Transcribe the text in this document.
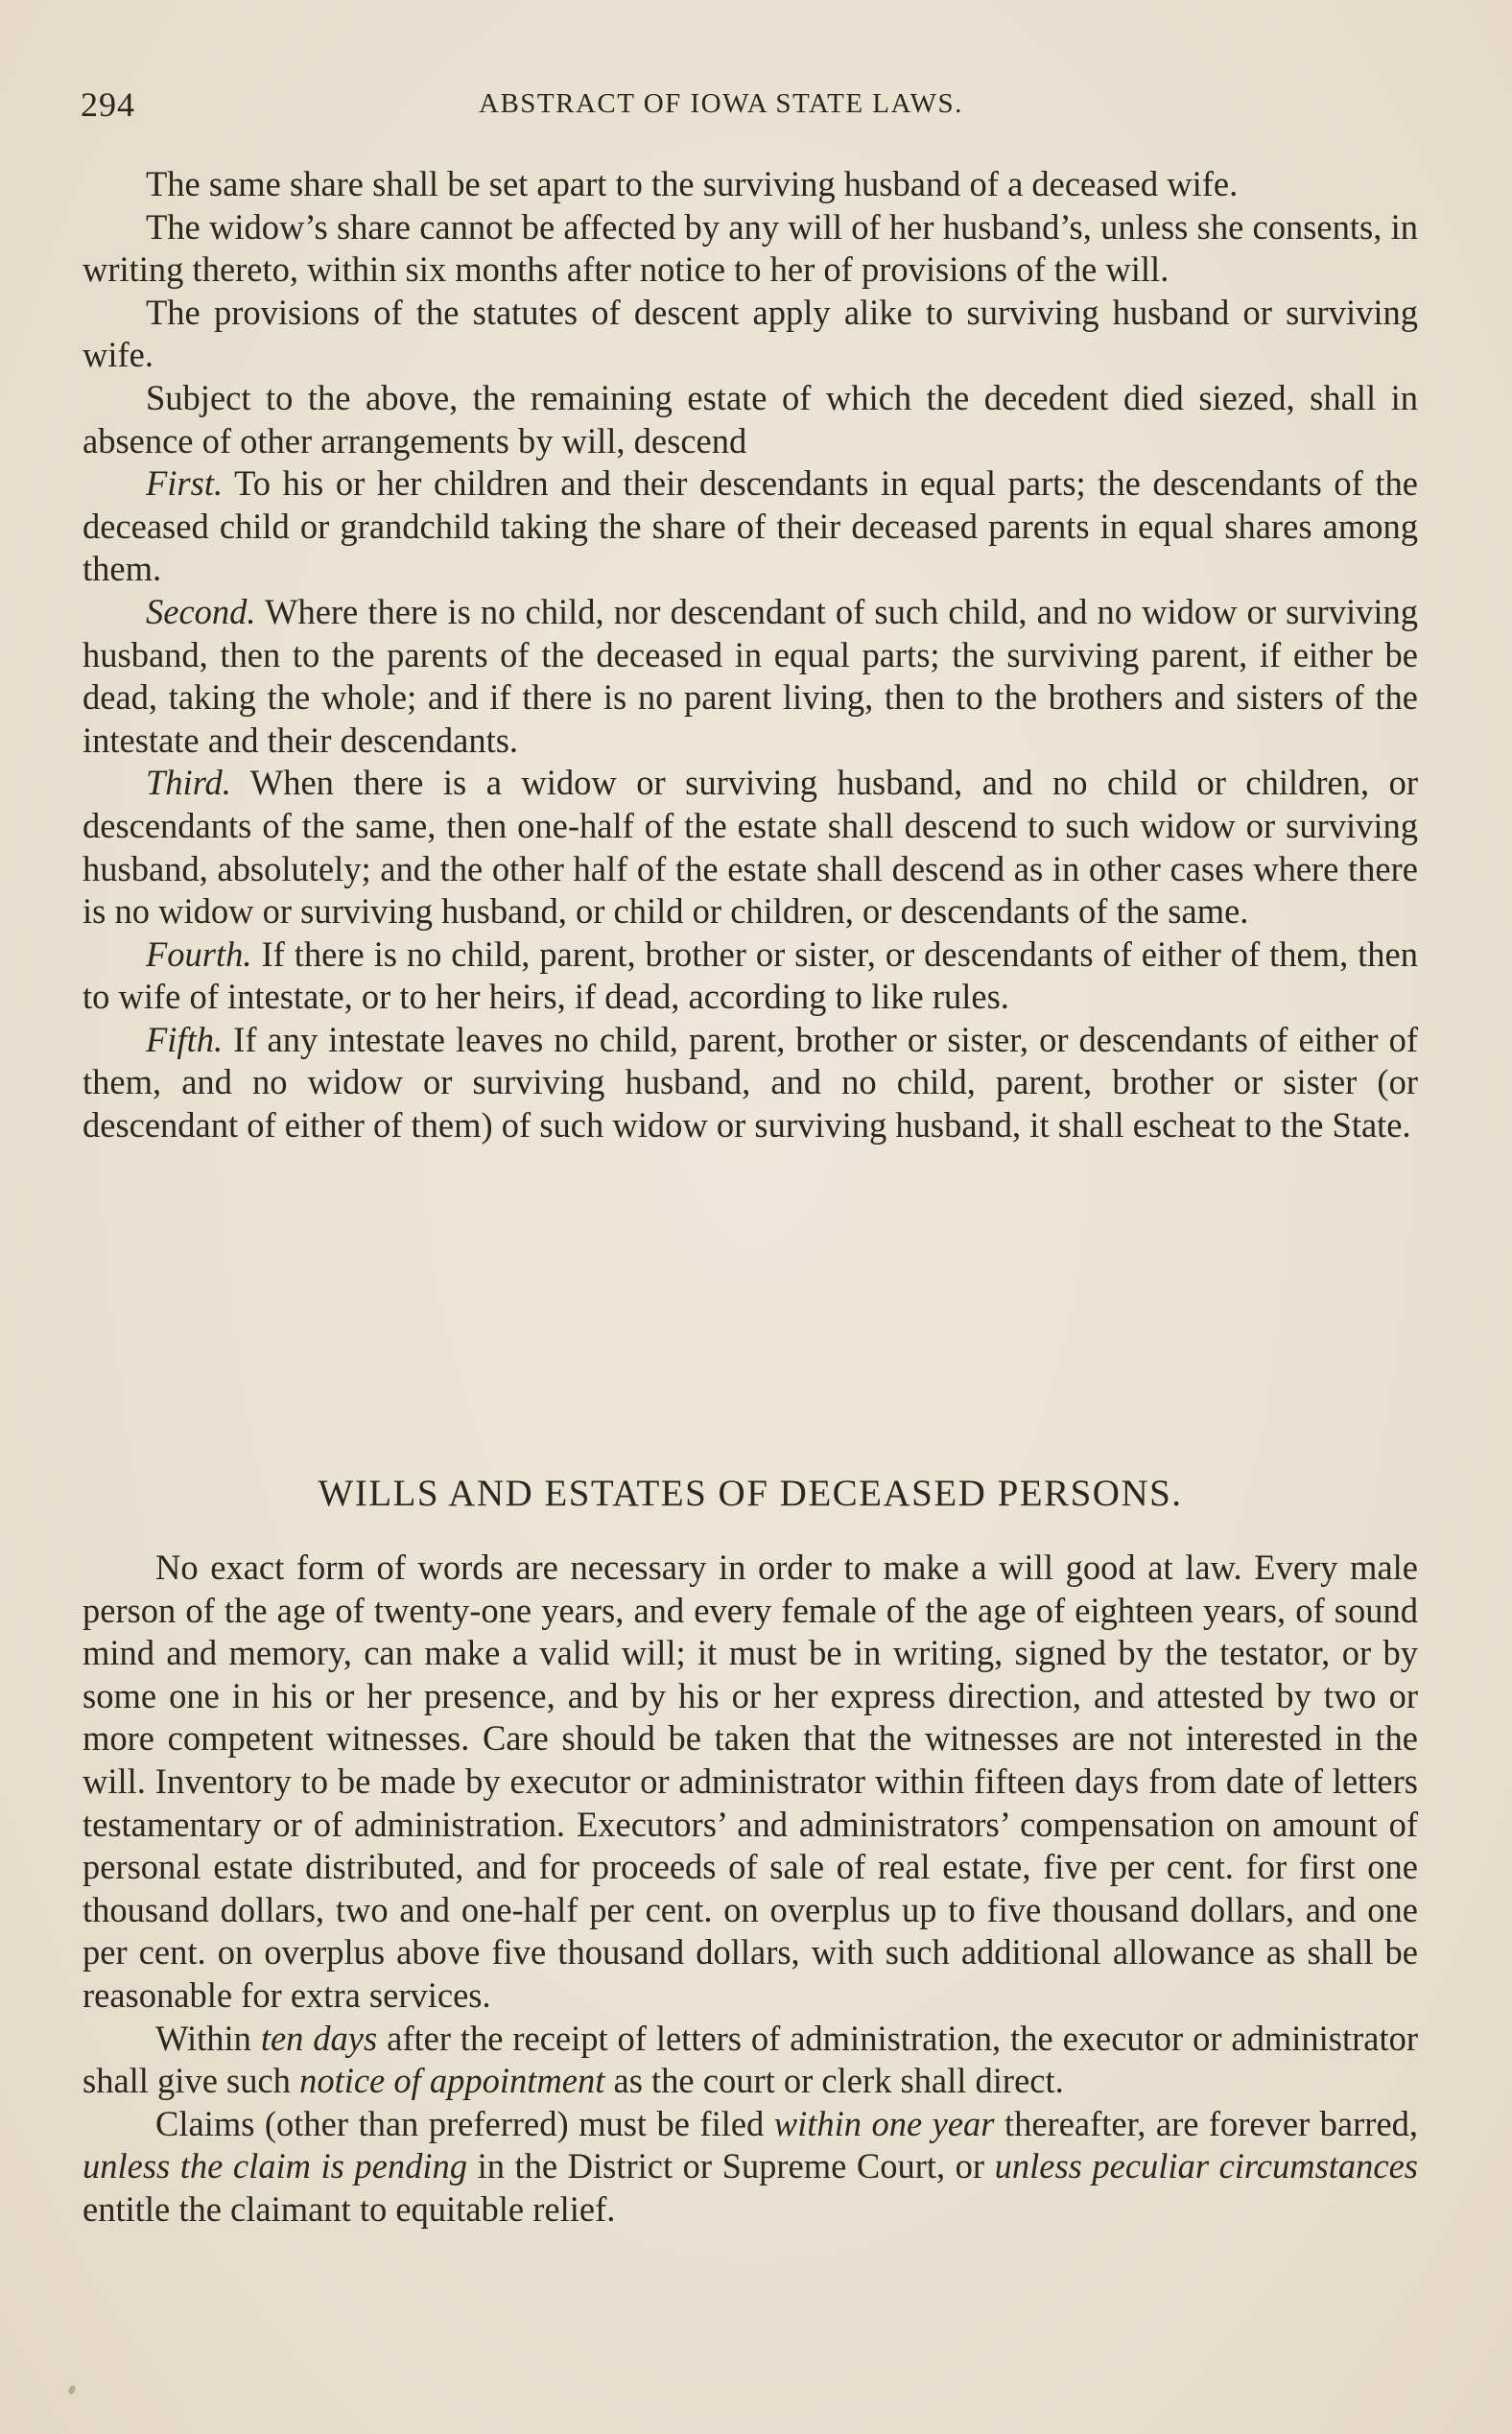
294	ABSTRACT OF IOWA STATE LAWS.

The same share shall be set apart to the surviving husband of a deceased wife.

The widow’s share cannot be affected by any will of her husband’s, unless she consents, in writing thereto, within six months after notice to her of provisions of the will.

The provisions of the statutes of descent apply alike to surviving husband or surviving wife.

Subject to the above, the remaining estate of which the decedent died siezed, shall in absence of other arrangements by will, descend

First. To his or her children and their descendants in equal parts; the descendants of the deceased child or grandchild taking the share of their deceased parents in equal shares among them.

Second. Where there is no child, nor descendant of such child, and no widow or surviving husband, then to the parents of the deceased in equal parts; the surviving parent, if either be dead, taking the whole; and if there is no parent living, then to the brothers and sisters of the intestate and their descendants.

Third. When there is a widow or surviving husband, and no child or children, or descendants of the same, then one-half of the estate shall descend to such widow or surviving husband, absolutely; and the other half of the estate shall descend as in other cases where there is no widow or surviving husband, or child or children, or descendants of the same.

Fourth. If there is no child, parent, brother or sister, or descendants of either of them, then to wife of intestate, or to her heirs, if dead, according to like rules.

Fifth. If any intestate leaves no child, parent, brother or sister, or descendants of either of them, and no widow or surviving husband, and no child, parent, brother or sister (or descendant of either of them) of such widow or surviving husband, it shall escheat to the State.

WILLS AND ESTATES OF DECEASED PERSONS.

No exact form of words are necessary in order to make a will good at law. Every male person of the age of twenty-one years, and every female of the age of eighteen years, of sound mind and memory, can make a valid will; it must be in writing, signed by the testator, or by some one in his or her presence, and by his or her express direction, and attested by two or more competent witnesses. Care should be taken that the witnesses are not interested in the will. Inventory to be made by executor or administrator within fifteen days from date of letters testamentary or of administration. Executors’ and administrators’ compensation on amount of personal estate distributed, and for proceeds of sale of real estate, five per cent. for first one thousand dollars, two and one-half per cent. on overplus up to five thousand dollars, and one per cent. on overplus above five thousand dollars, with such additional allowance as shall be reasonable for extra services.

Within ten days after the receipt of letters of administration, the executor or administrator shall give such notice of appointment as the court or clerk shall direct.

Claims (other than preferred) must be filed within one year thereafter, are forever barred, unless the claim is pending in the District or Supreme Court, or unless peculiar circumstances entitle the claimant to equitable relief.
